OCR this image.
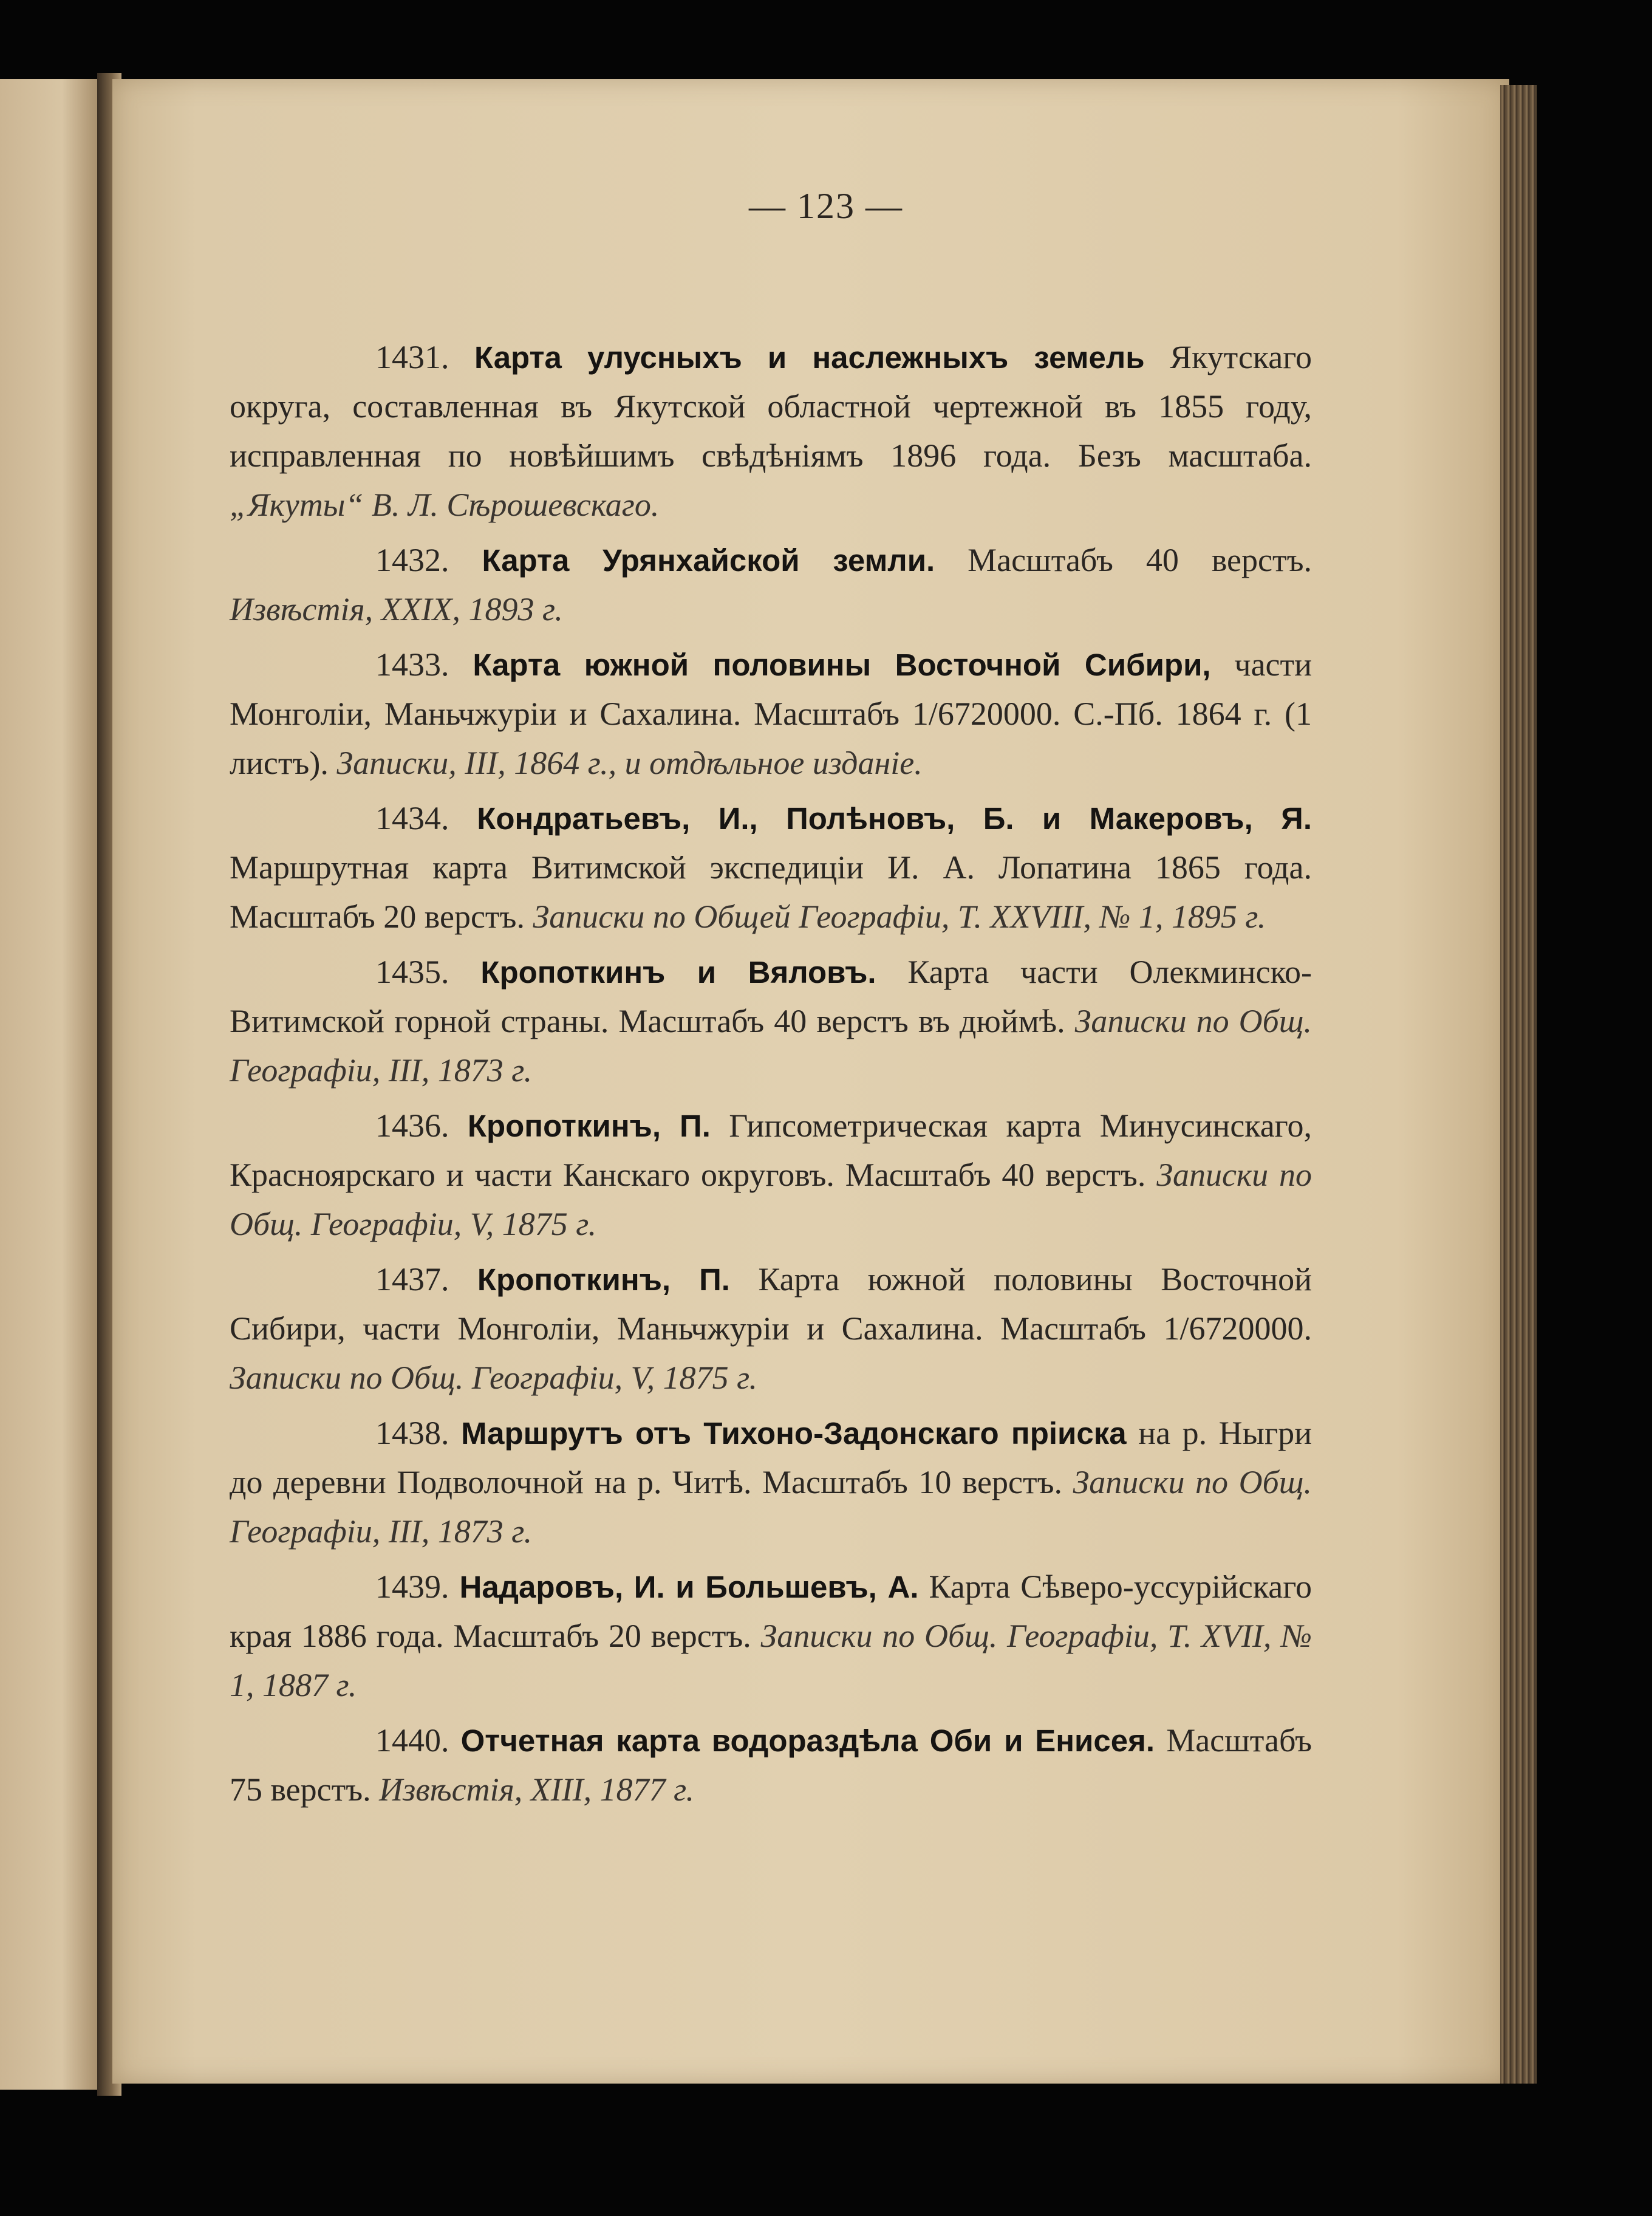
— 123 —

1431. Карта улусныхъ и наслежныхъ земель Якутскаго округа, составленная въ Якутской областной чертежной въ 1855 году, исправленная по новѣйшимъ свѣдѣніямъ 1896 года. Безъ масштаба. „Якуты“ В. Л. Сѣрошевскаго.

1432. Карта Урянхайской земли. Масштабъ 40 верстъ. Извѣстія, XXIX, 1893 г.

1433. Карта южной половины Восточной Сибири, части Монголіи, Маньчжуріи и Сахалина. Масштабъ 1/6720000. С.-Пб. 1864 г. (1 листъ). Записки, III, 1864 г., и отдѣльное изданіе.

1434. Кондратьевъ, И., Полѣновъ, Б. и Макеровъ, Я. Маршрутная карта Витимской экспедиціи И. А. Лопатина 1865 года. Масштабъ 20 верстъ. Записки по Общей Географіи, Т. XXVIII, № 1, 1895 г.

1435. Кропоткинъ и Вяловъ. Карта части Олекминско-Витимской горной страны. Масштабъ 40 верстъ въ дюймѣ. Записки по Общ. Географіи, III, 1873 г.

1436. Кропоткинъ, П. Гипсометрическая карта Минусинскаго, Красноярскаго и части Канскаго округовъ. Масштабъ 40 верстъ. Записки по Общ. Географіи, V, 1875 г.

1437. Кропоткинъ, П. Карта южной половины Восточной Сибири, части Монголіи, Маньчжуріи и Сахалина. Масштабъ 1/6720000. Записки по Общ. Географіи, V, 1875 г.

1438. Маршрутъ отъ Тихоно-Задонскаго пріиска на р. Ныгри до деревни Подволочной на р. Читѣ. Масштабъ 10 верстъ. Записки по Общ. Географіи, III, 1873 г.

1439. Надаровъ, И. и Большевъ, А. Карта Сѣверо-уссурійскаго края 1886 года. Масштабъ 20 верстъ. Записки по Общ. Географіи, Т. XVII, № 1, 1887 г.

1440. Отчетная карта водораздѣла Оби и Енисея. Масштабъ 75 верстъ. Извѣстія, XIII, 1877 г.
